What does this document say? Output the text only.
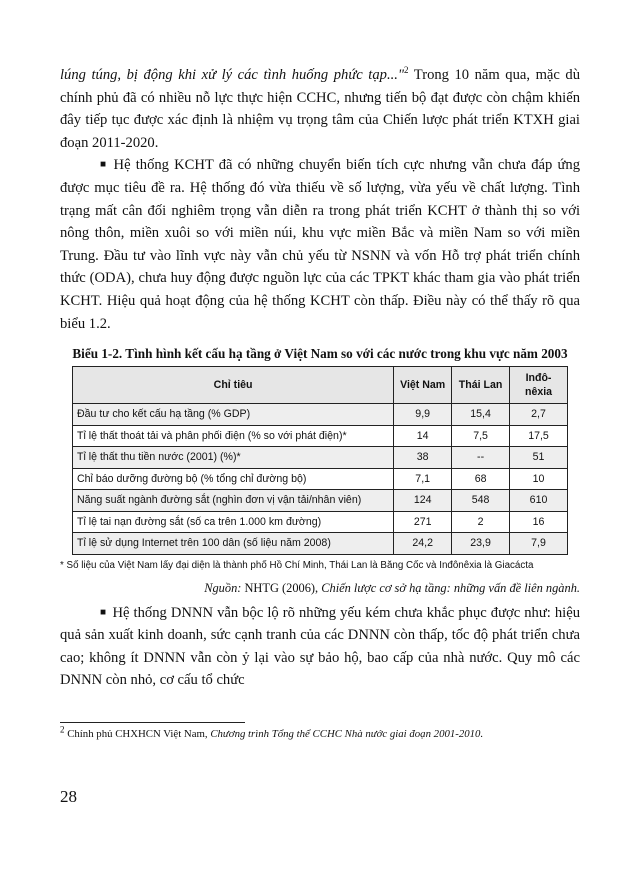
lúng túng, bị động khi xử lý các tình huống phức tạp..."$^2$ Trong 10 năm qua, mặc dù chính phủ đã có nhiều nỗ lực thực hiện CCHC, nhưng tiến bộ đạt được còn chậm khiến đây tiếp tục được xác định là nhiệm vụ trọng tâm của Chiến lược phát triển KTXH giai đoạn 2011-2020.

■ Hệ thống KCHT đã có những chuyển biến tích cực nhưng vẫn chưa đáp ứng được mục tiêu đề ra. Hệ thống đó vừa thiếu về số lượng, vừa yếu về chất lượng. Tình trạng mất cân đối nghiêm trọng vẫn diễn ra trong phát triển KCHT ở thành thị so với nông thôn, miền xuôi so với miền núi, khu vực miền Bắc và miền Nam so với miền Trung. Đầu tư vào lĩnh vực này vẫn chủ yếu từ NSNN và vốn Hỗ trợ phát triển chính thức (ODA), chưa huy động được nguồn lực của các TPKT khác tham gia vào phát triển KCHT. Hiệu quả hoạt động của hệ thống KCHT còn thấp. Điều này có thể thấy rõ qua biểu 1.2.

Biểu 1-2. Tình hình kết cấu hạ tầng ở Việt Nam so với các nước trong khu vực năm 2003
Chỉ tiêu	Việt Nam	Thái Lan	Inđô-nêxia
Đầu tư cho kết cấu hạ tầng (% GDP)	9,9	15,4	2,7
Tỉ lệ thất thoát tải và phân phối điện (% so với phát điện)*	14	7,5	17,5
Tỉ lệ thất thu tiền nước (2001) (%)*	38	--	51
Chỉ báo dưỡng đường bộ (% tổng chỉ đường bộ)	7,1	68	10
Năng suất ngành đường sắt (nghìn đơn vị vận tải/nhân viên)	124	548	610
Tỉ lệ tai nạn đường sắt (số ca trên 1.000 km đường)	271	2	16
Tỉ lệ sử dụng Internet trên 100 dân (số liệu năm 2008)	24,2	23,9	7,9

* Số liệu của Việt Nam lấy đại diện là thành phố Hồ Chí Minh, Thái Lan là Băng Cốc và Inđônêxia là Giacácta

Nguồn: NHTG (2006), Chiến lược cơ sở hạ tầng: những vấn đề liên ngành.

■ Hệ thống DNNN vẫn bộc lộ rõ những yếu kém chưa khắc phục được như: hiệu quả sản xuất kinh doanh, sức cạnh tranh của các DNNN còn thấp, tốc độ phát triển chưa cao; không ít DNNN vẫn còn ỷ lại vào sự bảo hộ, bao cấp của nhà nước. Quy mô các DNNN còn nhỏ, cơ cấu tổ chức

$^2$ Chính phủ CHXHCN Việt Nam, Chương trình Tổng thể CCHC Nhà nước giai đoạn 2001-2010.

28
